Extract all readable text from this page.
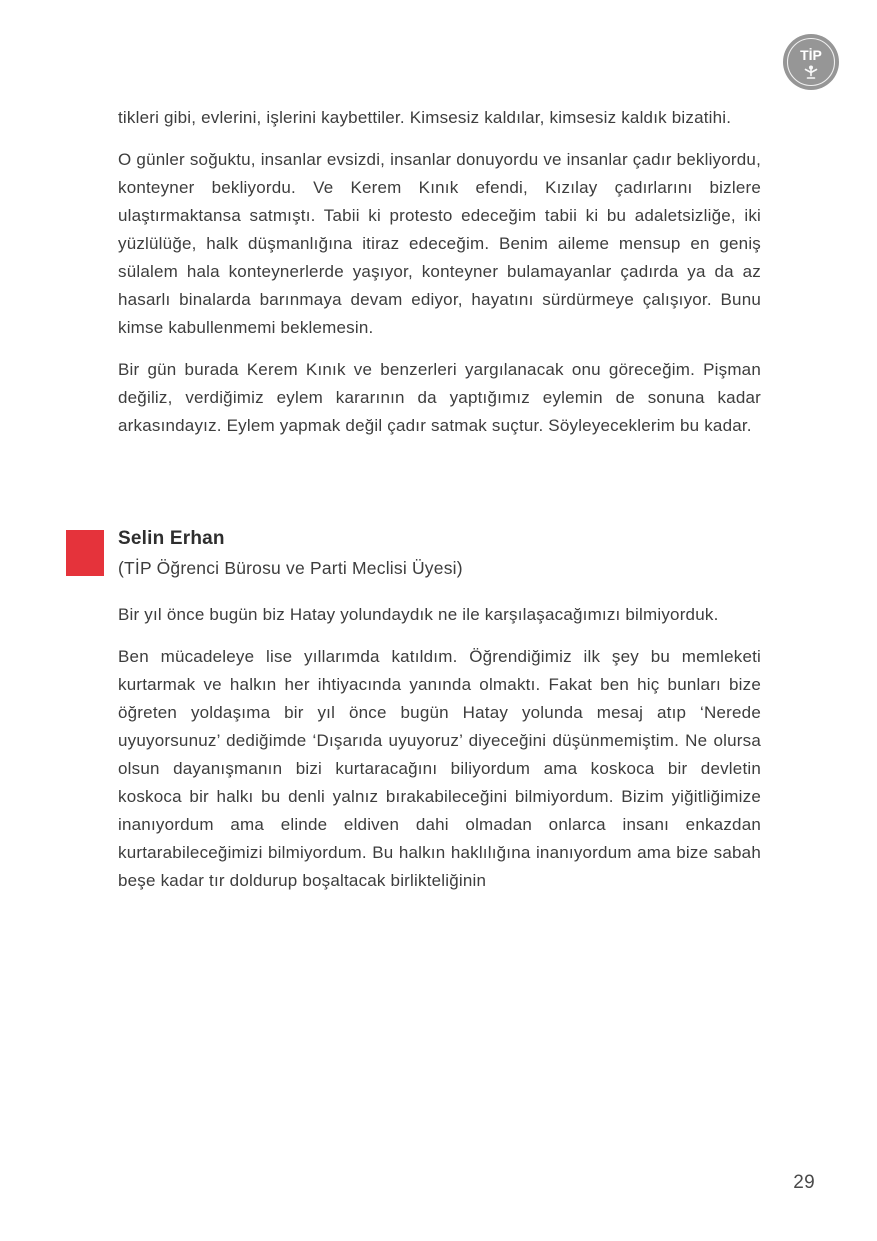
TİP

tikleri gibi, evlerini, işlerini kaybettiler. Kimsesiz kaldılar, kimsesiz kaldık bizatihi.

O günler soğuktu, insanlar evsizdi, insanlar donuyordu ve insanlar çadır bekliyordu, konteyner bekliyordu. Ve Kerem Kınık efendi, Kızılay çadırlarını bizlere ulaştırmaktansa satmıştı. Tabii ki protesto edeceğim tabii ki bu adaletsizliğe, iki yüzlülüğe, halk düşmanlığına itiraz edeceğim. Benim aileme mensup en geniş sülalem hala konteynerlerde yaşıyor, konteyner bulamayanlar çadırda ya da az hasarlı binalarda barınmaya devam ediyor, hayatını sürdürmeye çalışıyor. Bunu kimse kabullenmemi beklemesin.

Bir gün burada Kerem Kınık ve benzerleri yargılanacak onu göreceğim. Pişman değiliz, verdiğimiz eylem kararının da yaptığımız eylemin de sonuna kadar arkasındayız. Eylem yapmak değil çadır satmak suçtur. Söyleyeceklerim bu kadar.

Selin Erhan

(TİP Öğrenci Bürosu ve Parti Meclisi Üyesi)

Bir yıl önce bugün biz Hatay yolundaydık ne ile karşılaşacağımızı bilmiyorduk.

Ben mücadeleye lise yıllarımda katıldım. Öğrendiğimiz ilk şey bu memleketi kurtarmak ve halkın her ihtiyacında yanında olmaktı. Fakat ben hiç bunları bize öğreten yoldaşıma bir yıl önce bugün Hatay yolunda mesaj atıp ‘Nerede uyuyorsunuz’ dediğimde ‘Dışarıda uyuyoruz’ diyeceğini düşünmemiştim. Ne olursa olsun dayanışmanın bizi kurtaracağını biliyordum ama koskoca bir devletin koskoca bir halkı bu denli yalnız bırakabileceğini bilmiyordum. Bizim yiğitliğimize inanıyordum ama elinde eldiven dahi olmadan onlarca insanı enkazdan kurtarabileceğimizi bilmiyordum. Bu halkın haklılığına inanıyordum ama bize sabah beşe kadar tır doldurup boşaltacak birlikteliğinin

29
